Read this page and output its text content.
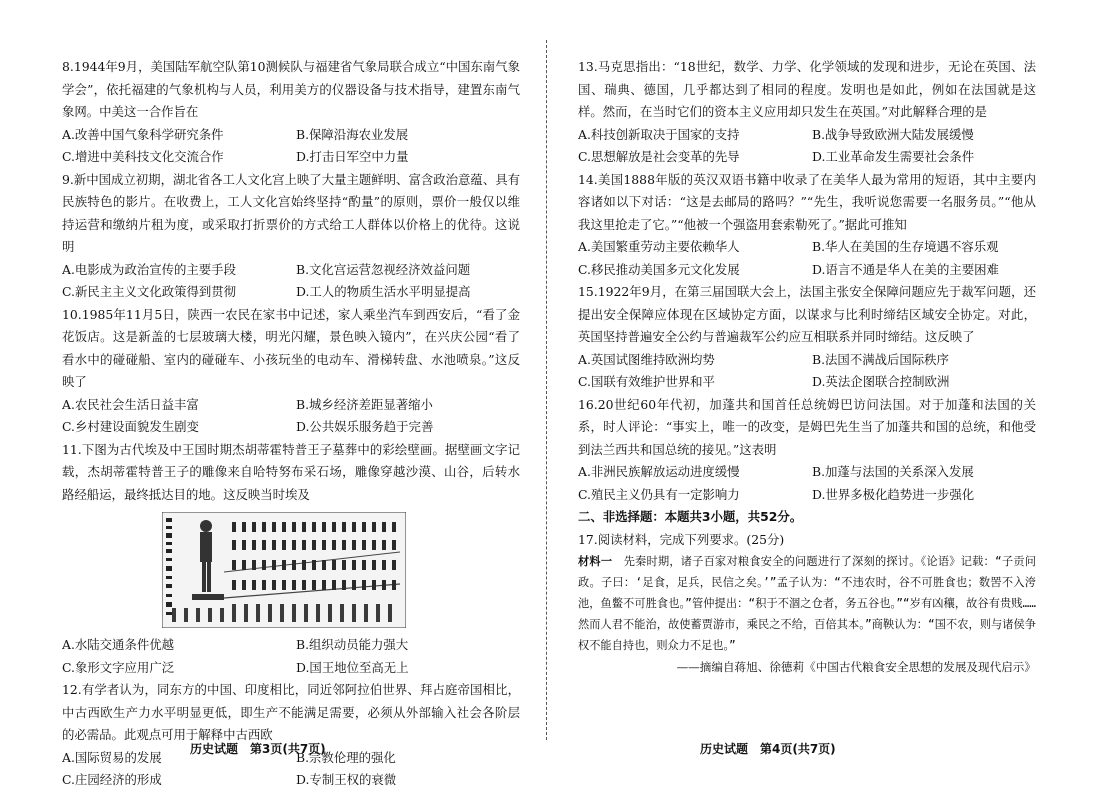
8.1944年9月，美国陆军航空队第10测候队与福建省气象局联合成立“中国东南气象学会”，依托福建的气象机构与人员，利用美方的仪器设备与技术指导，建置东南气象网。中美这一合作旨在

A.改善中国气象科学研究条件	B.保障沿海农业发展
C.增进中美科技文化交流合作	D.打击日军空中力量

9.新中国成立初期，湖北省各工人文化宫上映了大量主题鲜明、富含政治意蕴、具有民族特色的影片。在收费上，工人文化宫始终坚持“酌量”的原则，票价一般仅以维持运营和缴纳片租为度，或采取打折票价的方式给工人群体以价格上的优待。这说明

A.电影成为政治宣传的主要手段	B.文化宫运营忽视经济效益问题
C.新民主主义文化政策得到贯彻	D.工人的物质生活水平明显提高

10.1985年11月5日，陕西一农民在家书中记述，家人乘坐汽车到西安后，“看了金花饭店。这是新盖的七层玻璃大楼，明光闪耀，景色映入镜内”，在兴庆公园“看了看水中的碰碰船、室内的碰碰车、小孩玩坐的电动车、滑梯转盘、水池喷泉。”这反映了

A.农民社会生活日益丰富	B.城乡经济差距显著缩小
C.乡村建设面貌发生剧变	D.公共娱乐服务趋于完善

11.下图为古代埃及中王国时期杰胡蒂霍特普王子墓葬中的彩绘壁画。据壁画文字记载，杰胡蒂霍特普王子的雕像来自哈特努布采石场，雕像穿越沙漠、山谷，后转水路经船运，最终抵达目的地。这反映当时埃及

A.水陆交通条件优越	B.组织动员能力强大
C.象形文字应用广泛	D.国王地位至高无上

12.有学者认为，同东方的中国、印度相比，同近邻阿拉伯世界、拜占庭帝国相比，中古西欧生产力水平明显更低，即生产不能满足需要，必须从外部输入社会各阶层的必需品。此观点可用于解释中古西欧

A.国际贸易的发展	B.宗教伦理的强化
C.庄园经济的形成	D.专制王权的衰微

13.马克思指出：“18世纪，数学、力学、化学领域的发现和进步，无论在英国、法国、瑞典、德国，几乎都达到了相同的程度。发明也是如此，例如在法国就是这样。然而，在当时它们的资本主义应用却只发生在英国。”对此解释合理的是

A.科技创新取决于国家的支持	B.战争导致欧洲大陆发展缓慢
C.思想解放是社会变革的先导	D.工业革命发生需要社会条件

14.美国1888年版的英汉双语书籍中收录了在美华人最为常用的短语，其中主要内容诸如以下对话：“这是去邮局的路吗？”“先生，我听说您需要一名服务员。”“他从我这里抢走了它。”“他被一个强盗用套索勒死了。”据此可推知

A.美国繁重劳动主要依赖华人	B.华人在美国的生存境遇不容乐观
C.移民推动美国多元文化发展	D.语言不通是华人在美的主要困难

15.1922年9月，在第三届国联大会上，法国主张安全保障问题应先于裁军问题，还提出安全保障应体现在区域协定方面，以谋求与比利时缔结区域安全协定。对此，英国坚持普遍安全公约与普遍裁军公约应互相联系并同时缔结。这反映了

A.英国试图维持欧洲均势	B.法国不满战后国际秩序
C.国联有效维护世界和平	D.英法企图联合控制欧洲

16.20世纪60年代初，加蓬共和国首任总统姆巴访问法国。对于加蓬和法国的关系，时人评论：“事实上，唯一的改变，是姆巴先生当了加蓬共和国的总统，和他受到法兰西共和国总统的接见。”这表明

A.非洲民族解放运动进度缓慢	B.加蓬与法国的关系深入发展
C.殖民主义仍具有一定影响力	D.世界多极化趋势进一步强化
二、非选择题：本题共3小题，共52分。

17.阅读材料，完成下列要求。(25分)

材料一　 先秦时期，诸子百家对粮食安全的问题进行了深刻的探讨。《论语》记载：“子贡问政。子曰：‘足食，足兵，民信之矣。’”孟子认为：“不违农时，谷不可胜食也；数罟不入洿池，鱼鳖不可胜食也。”管仲提出：“积于不涸之仓者，务五谷也。”“岁有凶穰，故谷有贵贱……然而人君不能治，故使蓄贾游市，乘民之不给，百倍其本。”商鞅认为：“国不农，则与诸侯争权不能自持也，则众力不足也。”

——摘编自蒋旭、徐德莉《中国古代粮食安全思想的发展及现代启示》

历史试题　第3页(共7页)	历史试题　第4页(共7页)
